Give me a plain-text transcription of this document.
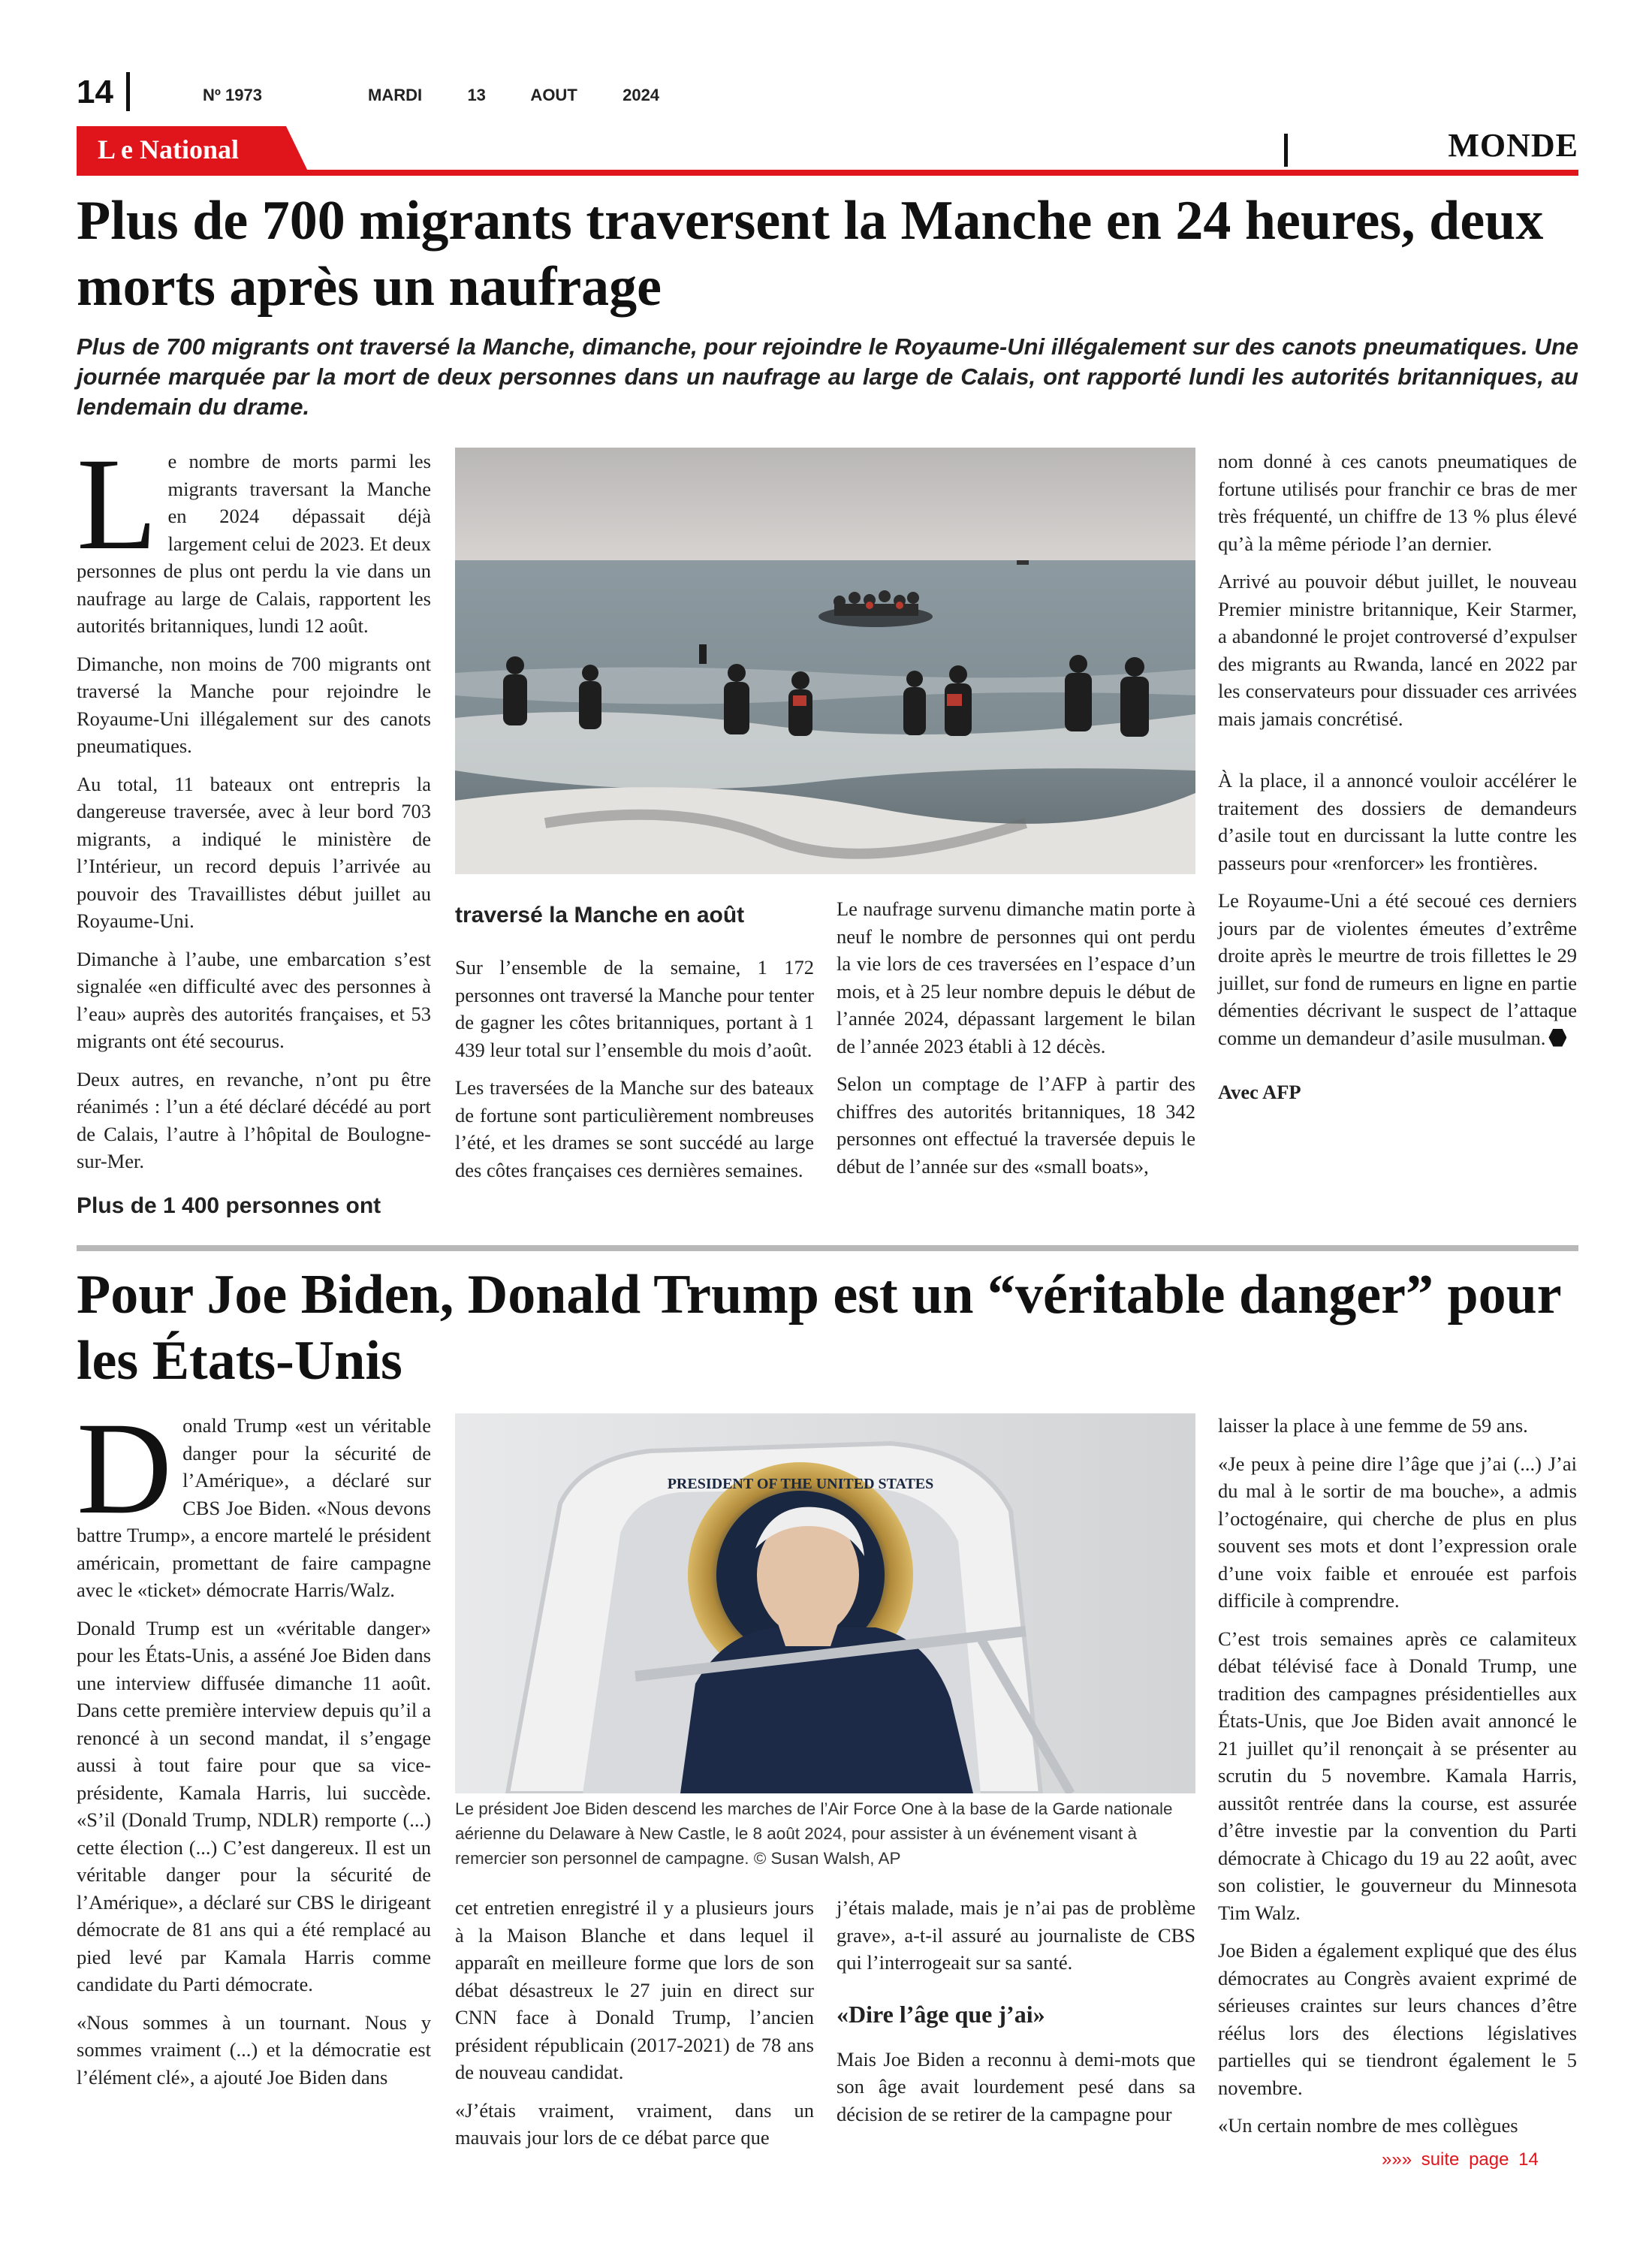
14	Nº 1973	MARDI   13   AOUT   2024
L e National	MONDE
Plus de 700 migrants traversent la Manche en 24 heures, deux morts après un naufrage
Plus de 700 migrants ont traversé la Manche, dimanche, pour rejoindre le Royaume-Uni illégalement sur des canots pneumatiques. Une journée marquée par la mort de deux personnes dans un naufrage au large de Calais, ont rapporté lundi les autorités britanniques, au lendemain du drame.
L e nombre de morts parmi les migrants traversant la Manche en 2024 dépassait déjà largement celui de 2023. Et deux personnes de plus ont perdu la vie dans un naufrage au large de Calais, rapportent les autorités britanniques, lundi 12 août.

Dimanche, non moins de 700 migrants ont traversé la Manche pour rejoindre le Royaume-Uni illégalement sur des canots pneumatiques.

Au total, 11 bateaux ont entrepris la dangereuse traversée, avec à leur bord 703 migrants, a indiqué le ministère de l’Intérieur, un record depuis l’arrivée au pouvoir des Travaillistes début juillet au Royaume-Uni.

Dimanche à l’aube, une embarcation s’est signalée «en difficulté avec des personnes à l’eau» auprès des autorités françaises, et 53 migrants ont été secourus.

Deux autres, en revanche, n’ont pu être réanimés : l’un a été déclaré décédé au port de Calais, l’autre à l’hôpital de Boulogne-sur-Mer.

Plus de 1 400 personnes ont
traversé la Manche en août

Sur l’ensemble de la semaine, 1 172 personnes ont traversé la Manche pour tenter de gagner les côtes britanniques, portant à 1 439 leur total sur l’ensemble du mois d’août.

Les traversées de la Manche sur des bateaux de fortune sont particulièrement nombreuses l’été, et les drames se sont succédé au large des côtes françaises ces dernières semaines.

Le naufrage survenu dimanche matin porte à neuf le nombre de personnes qui ont perdu la vie lors de ces traversées en l’espace d’un mois, et à 25 leur nombre depuis le début de l’année 2024, dépassant largement le bilan de l’année 2023 établi à 12 décès.

Selon un comptage de l’AFP à partir des chiffres des autorités britanniques, 18 342 personnes ont effectué la traversée depuis le début de l’année sur des «small boats»,

nom donné à ces canots pneumatiques de fortune utilisés pour franchir ce bras de mer très fréquenté, un chiffre de 13 % plus élevé qu’à la même période l’an dernier.

Arrivé au pouvoir début juillet, le nouveau Premier ministre britannique, Keir Starmer, a abandonné le projet controversé d’expulser des migrants au Rwanda, lancé en 2022 par les conservateurs pour dissuader ces arrivées mais jamais concrétisé.

À la place, il a annoncé vouloir accélérer le traitement des dossiers de demandeurs d’asile tout en durcissant la lutte contre les passeurs pour «renforcer» les frontières.

Le Royaume-Uni a été secoué ces derniers jours par de violentes émeutes d’extrême droite après le meurtre de trois fillettes le 29 juillet, sur fond de rumeurs en ligne en partie démenties décrivant le suspect de l’attaque comme un demandeur d’asile musulman.

Avec AFP

Pour Joe Biden, Donald Trump est un “véritable danger” pour les États-Unis
D onald Trump «est un véritable danger pour la sécurité de l’Amérique», a déclaré sur CBS Joe Biden. «Nous devons battre Trump», a encore martelé le président américain, promettant de faire campagne avec le «ticket» démocrate Harris/Walz.

Donald Trump est un «véritable danger» pour les États-Unis, a asséné Joe Biden dans une interview diffusée dimanche 11 août. Dans cette première interview depuis qu’il a renoncé à un second mandat, il s’engage aussi à tout faire pour que sa vice-présidente, Kamala Harris, lui succède. «S’il (Donald Trump, NDLR) remporte (...) cette élection (...) C’est dangereux. Il est un véritable danger pour la sécurité de l’Amérique», a déclaré sur CBS le dirigeant démocrate de 81 ans qui a été remplacé au pied levé par Kamala Harris comme candidate du Parti démocrate.

«Nous sommes à un tournant. Nous y sommes vraiment (...) et la démocratie est l’élément clé», a ajouté Joe Biden dans

PRESIDENT OF THE UNITED STATES
Le président Joe Biden descend les marches de l’Air Force One à la base de la Garde nationale aérienne du Delaware à New Castle, le 8 août 2024, pour assister à un événement visant à remercier son personnel de campagne. © Susan Walsh, AP

cet entretien enregistré il y a plusieurs jours à la Maison Blanche et dans lequel il apparaît en meilleure forme que lors de son débat désastreux le 27 juin en direct sur CNN face à Donald Trump, l’ancien président républicain (2017-2021) de 78 ans de nouveau candidat.

«J’étais vraiment, vraiment, dans un mauvais jour lors de ce débat parce que

j’étais malade, mais je n’ai pas de problème grave», a-t-il assuré au journaliste de CBS qui l’interrogeait sur sa santé.

«Dire l’âge que j’ai»

Mais Joe Biden a reconnu à demi-mots que son âge avait lourdement pesé dans sa décision de se retirer de la campagne pour

laisser la place à une femme de 59 ans.

«Je peux à peine dire l’âge que j’ai (...) J’ai du mal à le sortir de ma bouche», a admis l’octogénaire, qui cherche de plus en plus souvent ses mots et dont l’expression orale d’une voix faible et enrouée est parfois difficile à comprendre.

C’est trois semaines après ce calamiteux débat télévisé face à Donald Trump, une tradition des campagnes présidentielles aux États-Unis, que Joe Biden avait annoncé le 21 juillet qu’il renonçait à se présenter au scrutin du 5 novembre. Kamala Harris, aussitôt rentrée dans la course, est assurée d’être investie par la convention du Parti démocrate à Chicago du 19 au 22 août, avec son colistier, le gouverneur du Minnesota Tim Walz.

Joe Biden a également expliqué que des élus démocrates au Congrès avaient exprimé de sérieuses craintes sur leurs chances d’être réélus lors des élections législatives partielles qui se tiendront également le 5 novembre.

«Un certain nombre de mes collègues

»»» suite page 14
